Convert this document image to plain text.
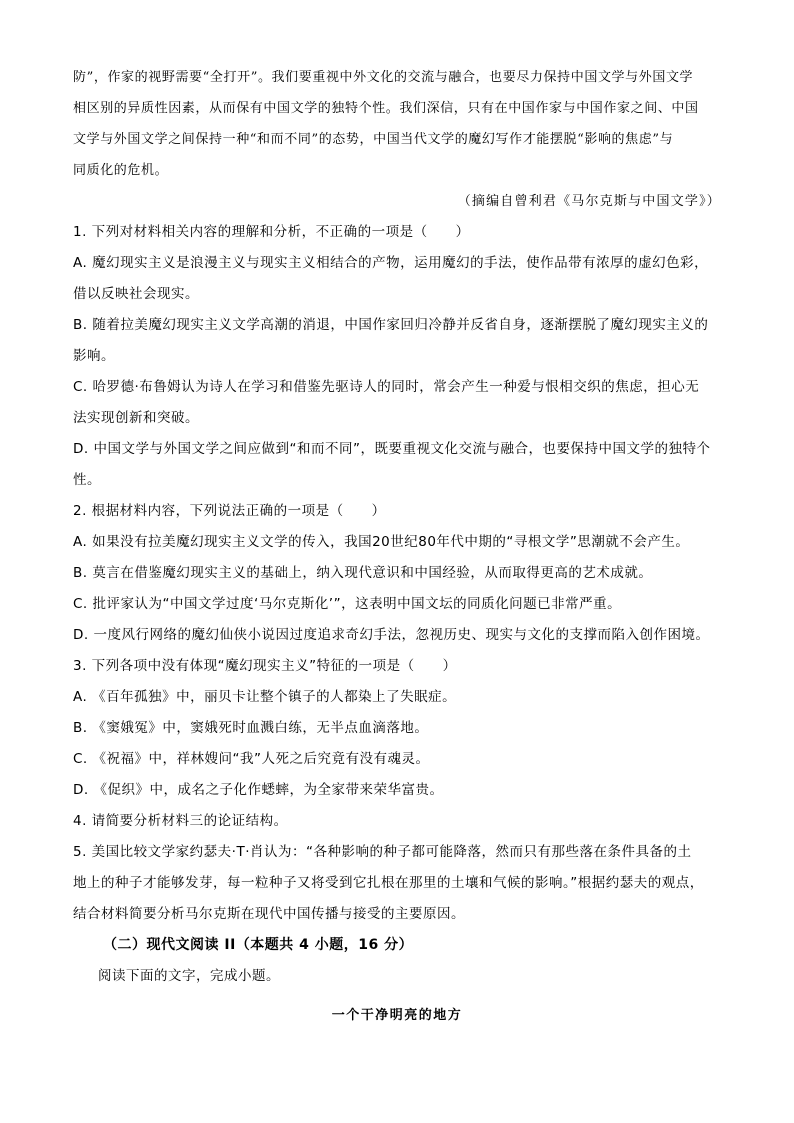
防”，作家的视野需要“全打开”。我们要重视中外文化的交流与融合，也要尽力保持中国文学与外国文学

相区别的异质性因素，从而保有中国文学的独特个性。我们深信，只有在中国作家与中国作家之间、中国

文学与外国文学之间保持一种“和而不同”的态势，中国当代文学的魔幻写作才能摆脱“影响的焦虑”与

同质化的危机。

（摘编自曾利君《马尔克斯与中国文学》）

1. 下列对材料相关内容的理解和分析，不正确的一项是（　　）

A. 魔幻现实主义是浪漫主义与现实主义相结合的产物，运用魔幻的手法，使作品带有浓厚的虚幻色彩，

借以反映社会现实。

B. 随着拉美魔幻现实主义文学高潮的消退，中国作家回归冷静并反省自身，逐渐摆脱了魔幻现实主义的

影响。

C. 哈罗德·布鲁姆认为诗人在学习和借鉴先驱诗人的同时，常会产生一种爱与恨相交织的焦虑，担心无

法实现创新和突破。

D. 中国文学与外国文学之间应做到“和而不同”，既要重视文化交流与融合，也要保持中国文学的独特个

性。

2. 根据材料内容，下列说法正确的一项是（　　）

A. 如果没有拉美魔幻现实主义文学的传入，我国20世纪80年代中期的“寻根文学”思潮就不会产生。

B. 莫言在借鉴魔幻现实主义的基础上，纳入现代意识和中国经验，从而取得更高的艺术成就。

C. 批评家认为“中国文学过度‘马尔克斯化’”，这表明中国文坛的同质化问题已非常严重。

D. 一度风行网络的魔幻仙侠小说因过度追求奇幻手法，忽视历史、现实与文化的支撑而陷入创作困境。

3. 下列各项中没有体现“魔幻现实主义”特征的一项是（　　）

A. 《百年孤独》中，丽贝卡让整个镇子的人都染上了失眠症。

B. 《窦娥冤》中，窦娥死时血溅白练，无半点血滴落地。

C. 《祝福》中，祥林嫂问“我”人死之后究竟有没有魂灵。

D. 《促织》中，成名之子化作蟋蟀，为全家带来荣华富贵。

4. 请简要分析材料三的论证结构。

5. 美国比较文学家约瑟夫·T·肖认为：“各种影响的种子都可能降落，然而只有那些落在条件具备的土

地上的种子才能够发芽，每一粒种子又将受到它扎根在那里的土壤和气候的影响。”根据约瑟夫的观点，

结合材料简要分析马尔克斯在现代中国传播与接受的主要原因。

（二）现代文阅读 II（本题共 4 小题，16 分）

阅读下面的文字，完成小题。

一个干净明亮的地方
